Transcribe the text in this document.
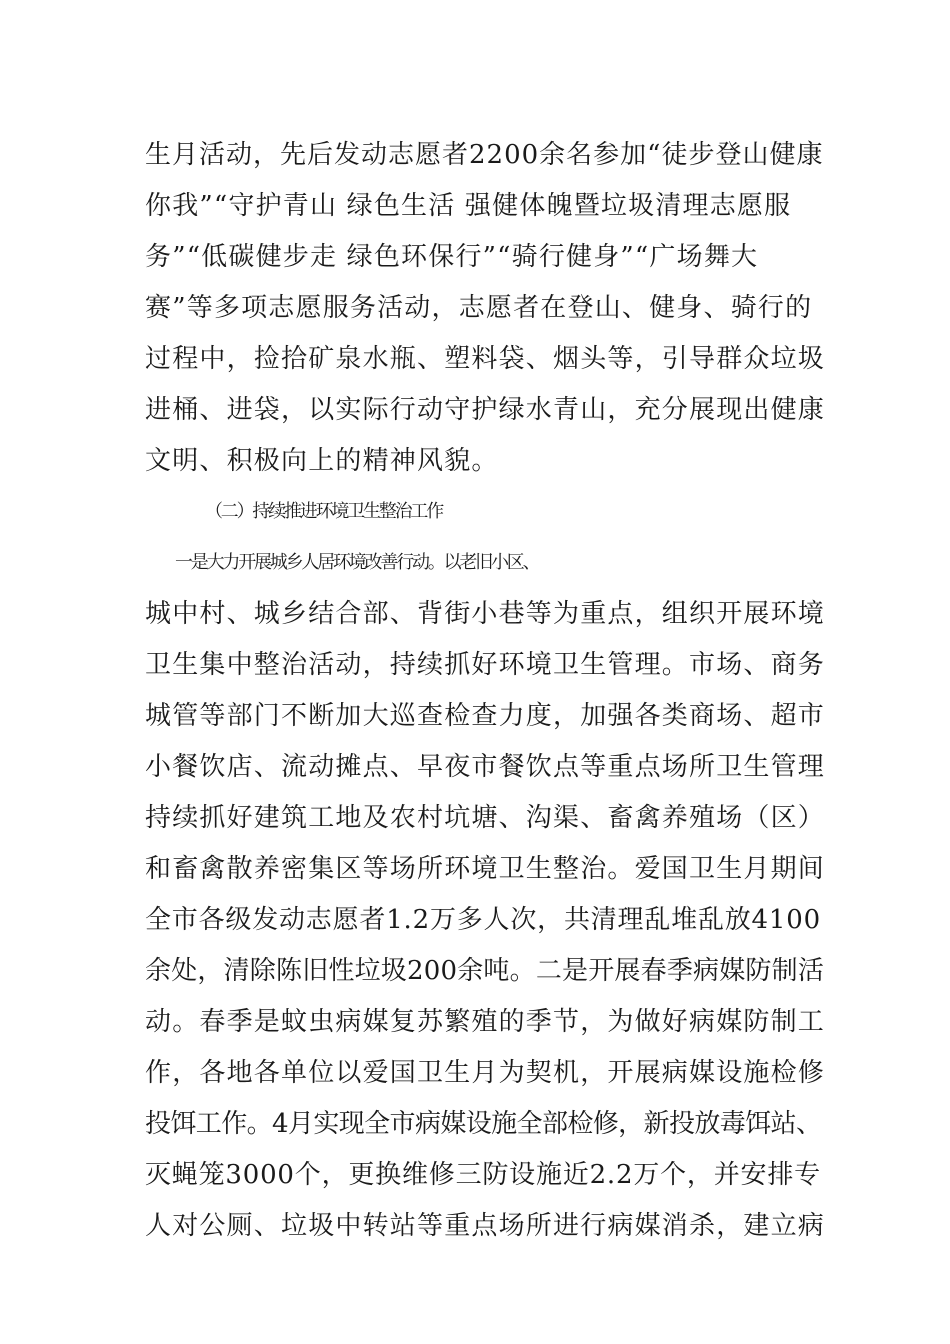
生月活动，先后发动志愿者2200余名参加“徒步登山健康
你我”“守护青山 绿色生活 强健体魄暨垃圾清理志愿服
务”“低碳健步走 绿色环保行”“骑行健身”“广场舞大
赛”等多项志愿服务活动，志愿者在登山、健身、骑行的
过程中，捡拾矿泉水瓶、塑料袋、烟头等，引导群众垃圾
进桶、进袋，以实际行动守护绿水青山，充分展现出健康
文明、积极向上的精神风貌。
（二）持续推进环境卫生整治工作
一是大力开展城乡人居环境改善行动。以老旧小区、
城中村、城乡结合部、背街小巷等为重点，组织开展环境
卫生集中整治活动，持续抓好环境卫生管理。市场、商务
城管等部门不断加大巡查检查力度，加强各类商场、超市
小餐饮店、流动摊点、早夜市餐饮点等重点场所卫生管理
持续抓好建筑工地及农村坑塘、沟渠、畜禽养殖场（区）
和畜禽散养密集区等场所环境卫生整治。爱国卫生月期间
全市各级发动志愿者1.2万多人次，共清理乱堆乱放4100
余处，清除陈旧性垃圾200余吨。二是开展春季病媒防制活
动。春季是蚊虫病媒复苏繁殖的季节，为做好病媒防制工
作，各地各单位以爱国卫生月为契机，开展病媒设施检修
投饵工作。4月实现全市病媒设施全部检修，新投放毒饵站、
灭蝇笼3000个，更换维修三防设施近2.2万个，并安排专
人对公厕、垃圾中转站等重点场所进行病媒消杀，建立病
